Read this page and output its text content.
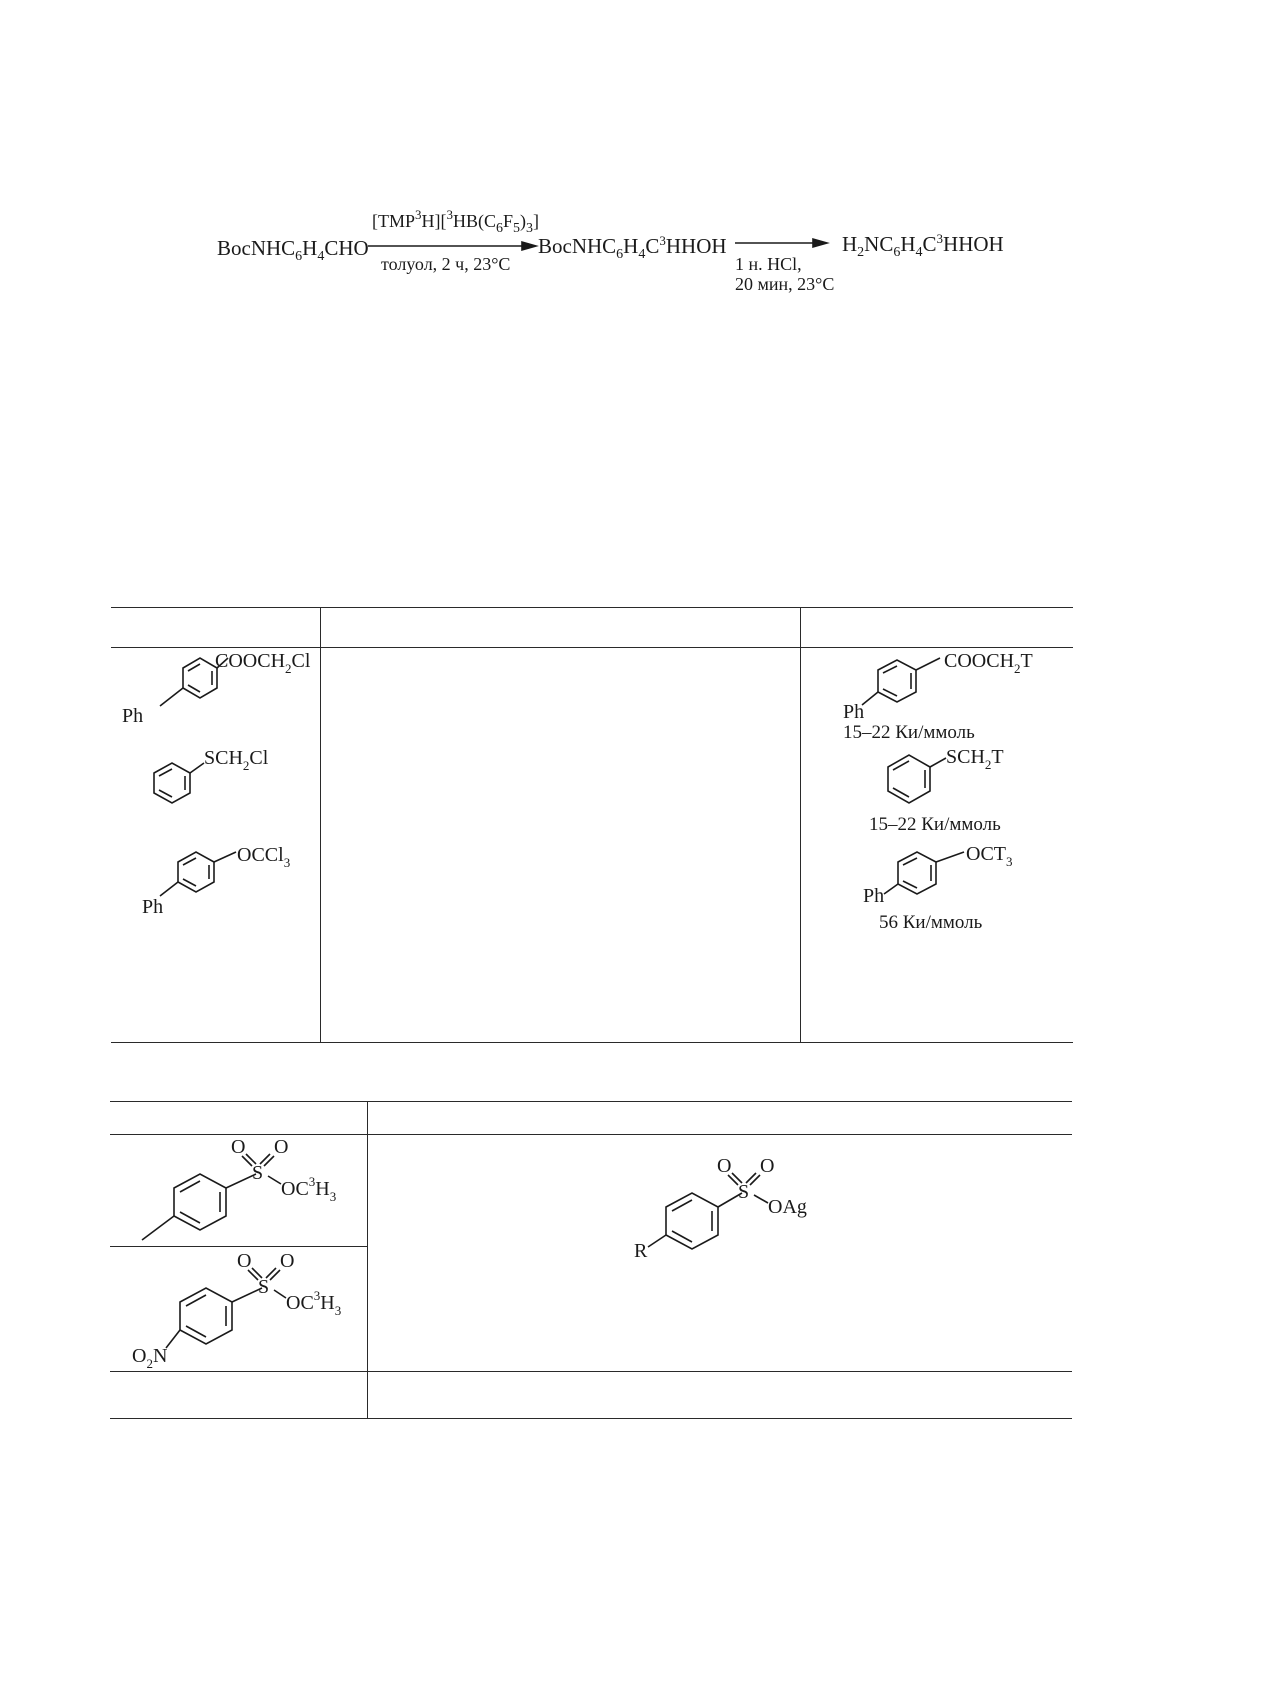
$BocNHC_6H_4CHO$
$[TMP^3H][^3HB(C_6F_5)_3]$
толуол, 2 ч, 23°C
$BocNHC_6H_4C^3HHOH$
1 н. HCl,
20 мин, 23°C
$H_2NC_6H_4C^3HHOH$
$COOCH_2Cl$
Ph
$SCH_2Cl$
OCCl$_3$
Ph
$COOCH_2T$
Ph
15–22 Ки/ммоль
$SCH_2T$
15–22 Ки/ммоль
$OCT_3$
Ph
56 Ки/ммоль
O O
S
$OC^3H_3$
O O
S
$OC^3H_3$
$O_2N$
O O
S
OAg
R
